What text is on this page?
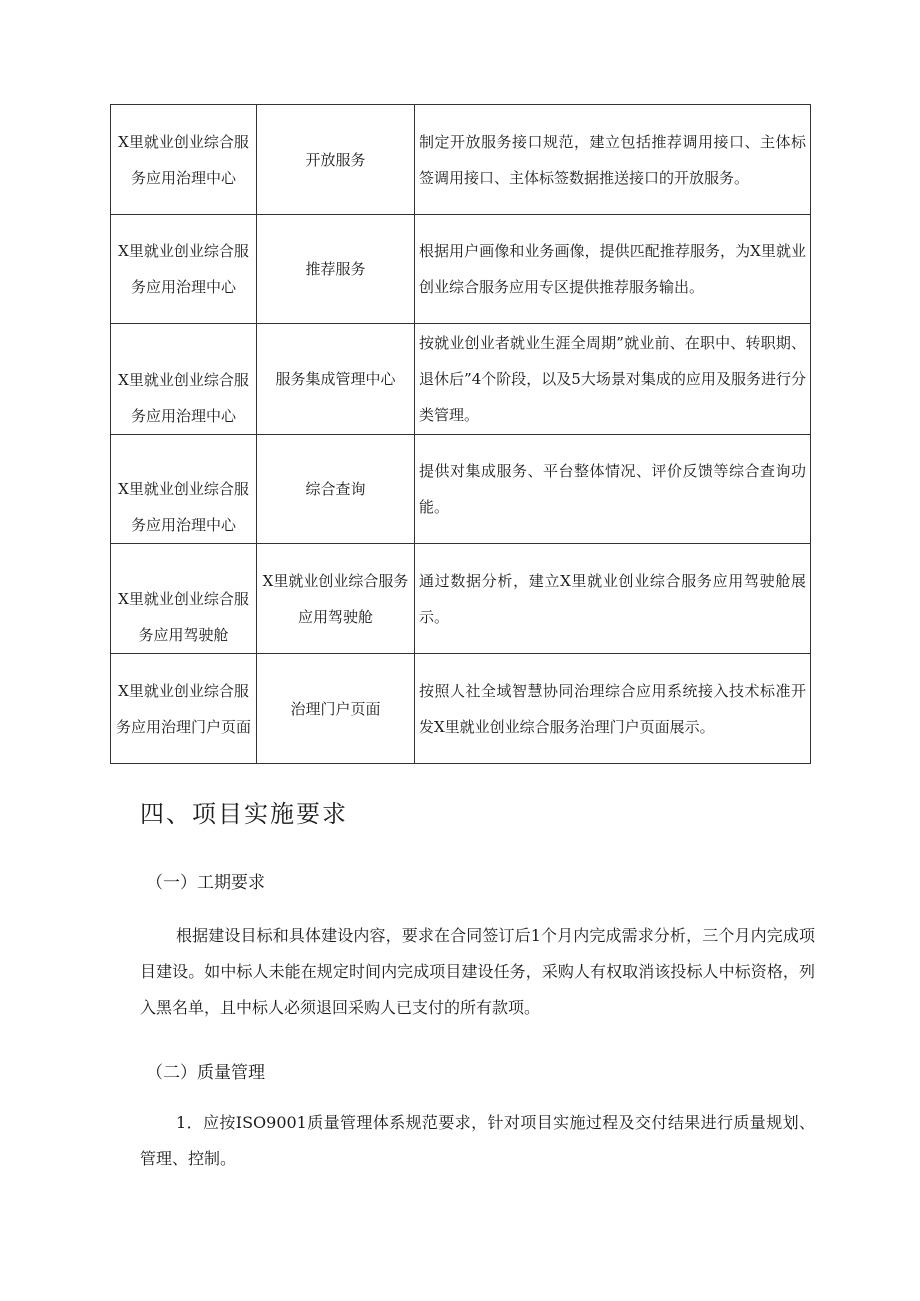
X里就业创业综合服务应用治理中心	开放服务	制定开放服务接口规范，建立包括推荐调用接口、主体标签调用接口、主体标签数据推送接口的开放服务。
X里就业创业综合服务应用治理中心	推荐服务	根据用户画像和业务画像，提供匹配推荐服务，为X里就业创业综合服务应用专区提供推荐服务输出。
X里就业创业综合服务应用治理中心	服务集成管理中心	按就业创业者就业生涯全周期”就业前、在职中、转职期、退休后”4个阶段，以及5大场景对集成的应用及服务进行分类管理。
X里就业创业综合服务应用治理中心	综合查询	提供对集成服务、平台整体情况、评价反馈等综合查询功能。
X里就业创业综合服务应用驾驶舱	X里就业创业综合服务应用驾驶舱	通过数据分析，建立X里就业创业综合服务应用驾驶舱展示。
X里就业创业综合服务应用治理门户页面	治理门户页面	按照人社全域智慧协同治理综合应用系统接入技术标准开发X里就业创业综合服务治理门户页面展示。
四、项目实施要求
（一）工期要求

根据建设目标和具体建设内容，要求在合同签订后1个月内完成需求分析，三个月内完成项目建设。如中标人未能在规定时间内完成项目建设任务，采购人有权取消该投标人中标资格，列入黑名单，且中标人必须退回采购人已支付的所有款项。

（二）质量管理

1．应按ISO9001质量管理体系规范要求，针对项目实施过程及交付结果进行质量规划、管理、控制。
